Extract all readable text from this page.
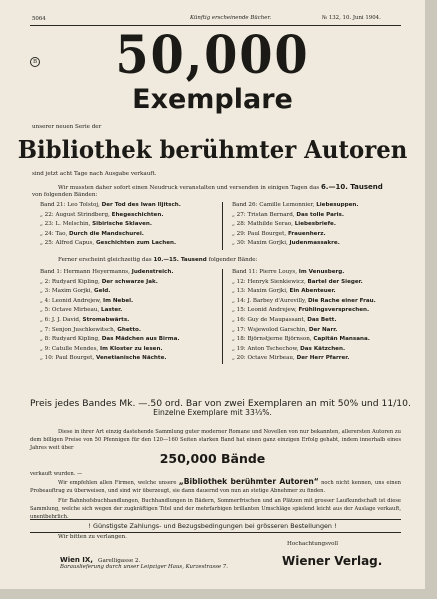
5064	Künftig erscheinende Bücher.	№ 132, 10. Juni 1904.
B	50,000
Exemplare
unserer neuen Serie der
Bibliothek berühmter Autoren
sind jetzt acht Tage nach Ausgabe verkauft.
Wir mussten daher sofort einen Neudruck veranstalten und versenden in einigen Tagen das 6.—10. Tausend
von folgenden Bänden:
Band 21: Leo Tolstoj, Der Tod des Iwan Iljitsch.
„ 22: August Strindberg, Ehegeschichten.
„ 23: L. Melschin, Sibirische Sklaven.
„ 24: Tao, Durch die Mandschurei.
„ 25: Alfred Capus, Geschichten zum Lachen.
Band 26: Camille Lemonnier, Liebesuppen.
„ 27: Tristan Bernard, Das tolle Paris.
„ 28: Mathilde Serao, Liebesbriefe.
„ 29: Paul Bourget, Frauenherz.
„ 30: Maxim Gorjki, Judenmassakre.
Ferner erscheint gleichzeitig das 10.—15. Tausend folgender Bände:
Band 1: Hermann Heyermanns, Judenstreich.
„ 2: Rudyard Kipling, Der schwarze Jak.
„ 3: Maxim Gorjki, Geld.
„ 4: Leonid Andrejew, Im Nebel.
„ 5: Octave Mirbeau, Laster.
„ 6: J. J. David, Stromabwärts.
„ 7: Senjon Juschkewitsch, Ghetto.
„ 8: Rudyard Kipling, Das Mädchen aus Birma.
„ 9: Catulle Mendes, Im Kloster zu lesen.
„ 10: Paul Bourget, Venetianische Nächte.
Band 11: Pierre Louys, Im Venusberg.
„ 12: Henryk Sienkiewicz, Bartel der Sieger.
„ 13: Maxim Gorjki, Ein Abenteuer.
„ 14: J. Barbey d'Aurevilly, Die Rache einer Frau.
„ 15: Leonid Andrejew, Frühlingsversprechen.
„ 16: Guy de Maupassant, Das Bett.
„ 17: Wsjewolod Garschin, Der Narr.
„ 18: Björnstjerne Björnson, Capitän Mansana.
„ 19: Anton Tschechow, Das Kätzchen.
„ 20: Octave Mirbeau, Der Herr Pfarrer.
Preis jedes Bandes Mk. —.50 ord. Bar von zwei Exemplaren an mit 50% und 11/10.
Einzelne Exemplare mit 33⅓%.
Diese in ihrer Art einzig dastehende Sammlung guter moderner Romane und Novellen von nur bekannten, allerersten Autoren zu dem billigen Preise von 50 Pfennigen für den 120—160 Seiten starken Band hat einen ganz einzigen Erfolg gehabt, indem innerhalb eines Jahres weit über
250,000 Bände
verkauft wurden. —
Wir empfehlen allen Firmen, welche unsere „Bibliothek berühmter Autoren“ noch nicht kennen, uns einen Probeauftrag zu überweisen, und sind wir überzeugt, sie dann dauernd von nun an stetige Abnehmer zu finden.
Für Bahnhofsbuchhandlungen, Buchhandlungen in Bädern, Sommerfrischen und an Plätzen mit grosser Laufkundschaft ist diese Sammlung, welche sich wegen der zugkräftigen Titel und der mehrfarbigen brillanten Umschläge spielend leicht aus der Auslage verkauft, unentbehrlich.
! Günstigste Zahlungs- und Bezugsbedingungen bei grösseren Bestellungen !
Wir bitten zu verlangen.
Hochachtungsvoll
Wien IX, Garelligasse 2.	Wiener Verlag.
Barauslieferung durch unser Leipziger Haus, Kurzestrasse 7.
